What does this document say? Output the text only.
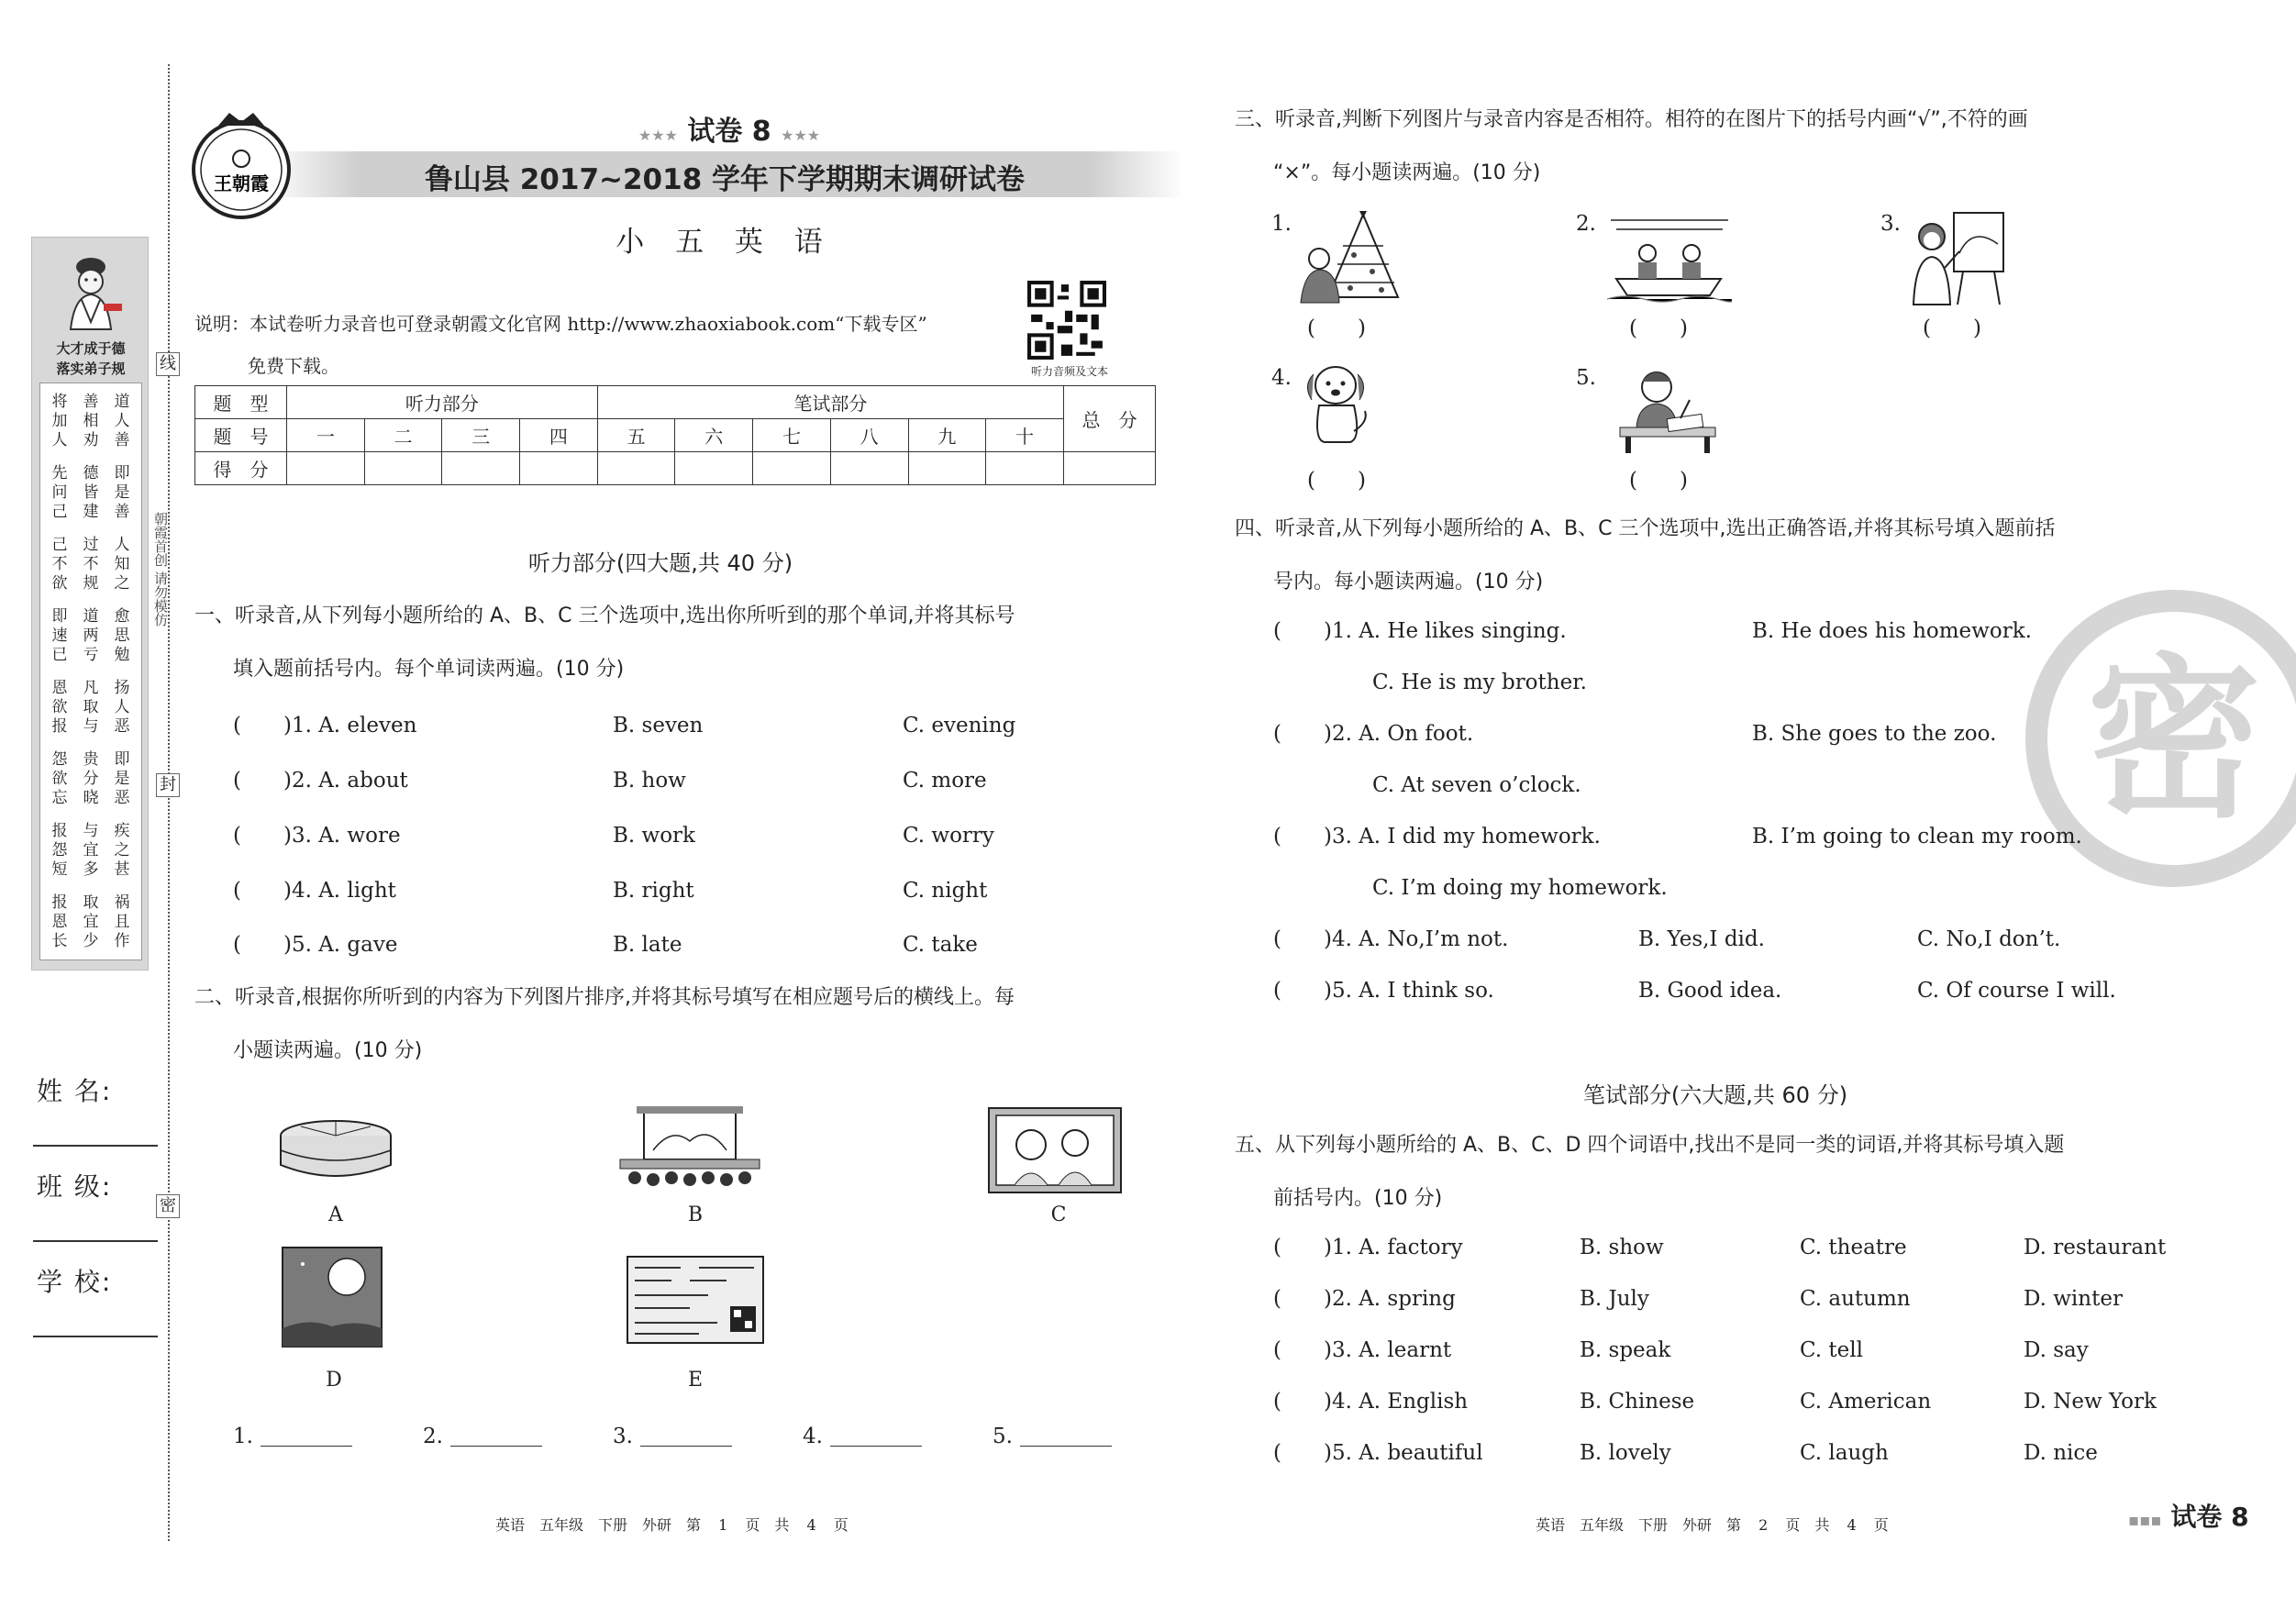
线
封
密
朝霞首创 请勿模仿
大才成于德
落实弟子规
将加人
善相劝
道人善
先问己
德皆建
即是善
己不欲
过不规
人知之
即速已
道两亏
愈思勉
恩欲报
凡取与
扬人恶
怨欲忘
贵分晓
即是恶
报怨短
与宜多
疾之甚
报恩长
取宜少
祸且作
姓 名:
班 级:
学 校:
王朝霞
★★★ 试卷 8 ★★★
鲁山县 2017~2018 学年下学期期末调研试卷
小 五 英 语
说明：本试卷听力录音也可登录朝霞文化官网 http://www.zhaoxiabook.com“下载专区”
免费下载。	听力音频及文本
题　型	听力部分				笔试部分						总　分
题　号	一	二	三	四	五	六	七	八	九	十	
得　分											
听力部分(四大题,共 40 分)
一、听录音,从下列每小题所给的 A、B、C 三个选项中,选出你所听到的那个单词,并将其标号
填入题前括号内。每个单词读两遍。(10 分)
(　　)1. A. eleven	B. seven	C. evening
(　　)2. A. about	B. how	C. more
(　　)3. A. wore	B. work	C. worry
(　　)4. A. light	B. right	C. night
(　　)5. A. gave	B. late	C. take
二、听录音,根据你所听到的内容为下列图片排序,并将其标号填写在相应题号后的横线上。每
小题读两遍。(10 分)
A	B	C
D	E
1.	2.	3.	4.	5.
英语　五年级　下册　外研　第 1 页　共 4 页
密
三、听录音,判断下列图片与录音内容是否相符。相符的在图片下的括号内画“√”,不符的画
“×”。每小题读两遍。(10 分)
1.
(　　)
2.
(　　)
3.
(　　)
4.
(　　)
5.
(　　)
四、听录音,从下列每小题所给的 A、B、C 三个选项中,选出正确答语,并将其标号填入题前括
号内。每小题读两遍。(10 分)
(　　)1. A. He likes singing.	B. He does his homework.
C. He is my brother.
(　　)2. A. On foot.	B. She goes to the zoo.
C. At seven o’clock.
(　　)3. A. I did my homework.	B. I’m going to clean my room.
C. I’m doing my homework.
(　　)4. A. No,I’m not.	B. Yes,I did.	C. No,I don’t.
(　　)5. A. I think so.	B. Good idea.	C. Of course I will.
笔试部分(六大题,共 60 分)
五、从下列每小题所给的 A、B、C、D 四个词语中,找出不是同一类的词语,并将其标号填入题
前括号内。(10 分)
(　　)1. A. factory	B. show	C. theatre	D. restaurant
(　　)2. A. spring	B. July	C. autumn	D. winter
(　　)3. A. learnt	B. speak	C. tell	D. say
(　　)4. A. English	B. Chinese	C. American	D. New York
(　　)5. A. beautiful	B. lovely	C. laugh	D. nice
英语　五年级　下册　外研　第 2 页　共 4 页	▪▪▪ 试卷 8
